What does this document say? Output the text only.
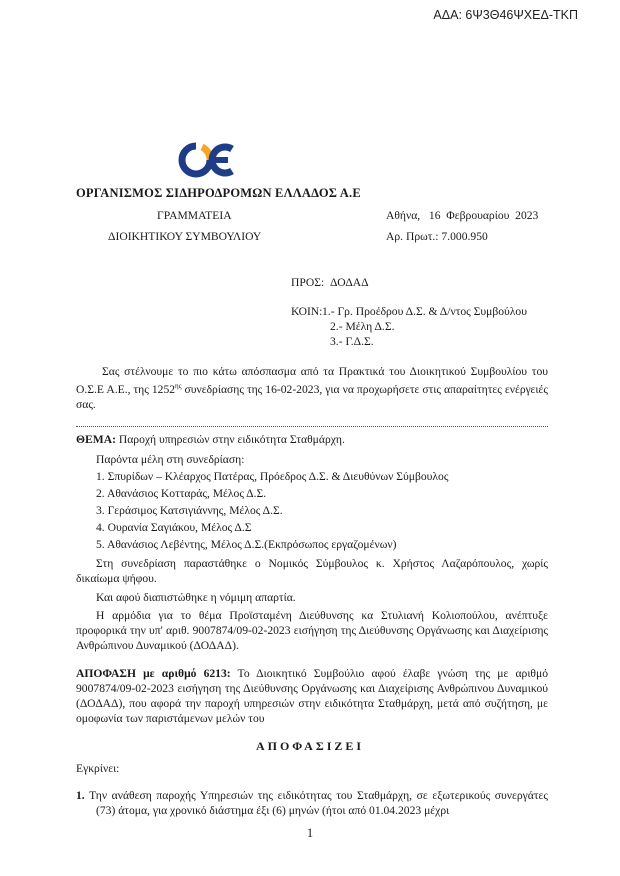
ΑΔΑ: 6Ψ3Θ46ΨΧΕΔ-ΤΚΠ
ΟΡΓΑΝΙΣΜΟΣ ΣΙΔΗΡΟΔΡΟΜΩΝ ΕΛΛΑΔΟΣ Α.Ε
ΓΡΑΜΜΑΤΕΙΑ
ΔΙΟΙΚΗΤΙΚΟΥ ΣΥΜΒΟΥΛΙΟΥ
Αθήνα,   16  Φεβρουαρίου  2023
Αρ. Πρωτ.: 7.000.950
ΠΡΟΣ: ΔΟΔΑΔ
ΚΟΙΝ: 1.- Γρ. Προέδρου Δ.Σ. & Δ/ντος Συμβούλου
2.- Μέλη Δ.Σ.
3.- Γ.Δ.Σ.
Σας στέλνουμε το πιο κάτω απόσπασμα από τα Πρακτικά του Διοικητικού Συμβουλίου του Ο.Σ.Ε Α.Ε., της $1252^{\eta\varsigma}$ συνεδρίασης της 16-02-2023, για να προχωρήσετε στις απαραίτητες ενέργειές σας.
ΘΕΜΑ: Παροχή υπηρεσιών στην ειδικότητα Σταθμάρχη.
Παρόντα μέλη στη συνεδρίαση:
1. Σπυρίδων – Κλέαρχος Πατέρας, Πρόεδρος Δ.Σ. & Διευθύνων Σύμβουλος
2. Αθανάσιος Κοτταράς, Μέλος Δ.Σ.
3. Γεράσιμος Κατσιγιάννης, Μέλος Δ.Σ.
4. Ουρανία Σαγιάκου, Μέλος Δ.Σ
5. Αθανάσιος Λεβέντης, Μέλος Δ.Σ.(Εκπρόσωπος εργαζομένων)
Στη συνεδρίαση παραστάθηκε ο Νομικός Σύμβουλος κ. Χρήστος Λαζαρόπουλος, χωρίς δικαίωμα ψήφου.
Και αφού διαπιστώθηκε η νόμιμη απαρτία.
Η αρμόδια για το θέμα Προϊσταμένη Διεύθυνσης κα Στυλιανή Κολιοπούλου, ανέπτυξε προφορικά την υπ' αριθ. 9007874/09-02-2023 εισήγηση της Διεύθυνσης Οργάνωσης και Διαχείρισης Ανθρώπινου Δυναμικού (ΔΟΔΑΔ).
ΑΠΟΦΑΣΗ με αριθμό 6213: Το Διοικητικό Συμβούλιο αφού έλαβε γνώση της με αριθμό 9007874/09-02-2023 εισήγηση της Διεύθυνσης Οργάνωσης και Διαχείρισης Ανθρώπινου Δυναμικού (ΔΟΔΑΔ), που αφορά την παροχή υπηρεσιών στην ειδικότητα Σταθμάρχη, μετά από συζήτηση, με ομοφωνία των παριστάμενων μελών του
ΑΠΟΦΑΣΙΖΕΙ
Εγκρίνει:
1. Την ανάθεση παροχής Υπηρεσιών της ειδικότητας του Σταθμάρχη, σε εξωτερικούς συνεργάτες (73) άτομα, για χρονικό διάστημα έξι (6) μηνών (ήτοι από 01.04.2023 μέχρι
1
